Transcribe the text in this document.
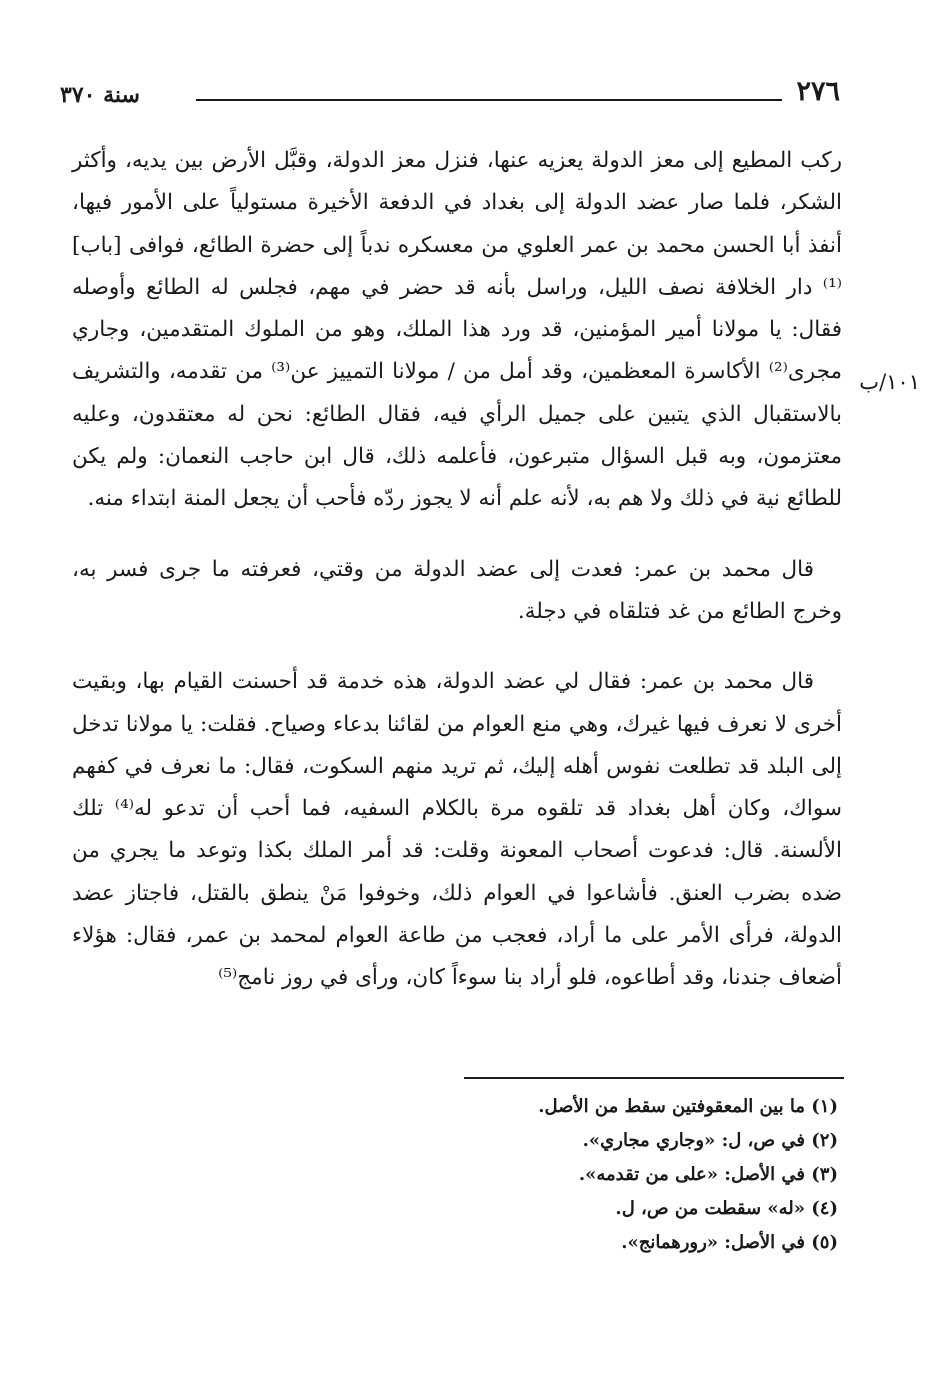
٢٧٦
سنة ٣٧٠
١٠١/ب

ركب المطيع إلى معز الدولة يعزيه عنها، فنزل معز الدولة، وقبَّل الأرض بين يديه، وأكثر الشكر، فلما صار عضد الدولة إلى بغداد في الدفعة الأخيرة مستولياً على الأمور فيها، أنفذ أبا الحسن محمد بن عمر العلوي من معسكره ندباً إلى حضرة الطائع، فوافى [باب]⁽¹⁾ دار الخلافة نصف الليل، وراسل بأنه قد حضر في مهم، فجلس له الطائع وأوصله فقال: يا مولانا أمير المؤمنين، قد ورد هذا الملك، وهو من الملوك المتقدمين، وجاري مجرى⁽²⁾ الأكاسرة المعظمين، وقد أمل من / مولانا التمييز عن⁽³⁾ من تقدمه، والتشريف بالاستقبال الذي يتبين على جميل الرأي فيه، فقال الطائع: نحن له معتقدون، وعليه معتزمون، وبه قبل السؤال متبرعون، فأعلمه ذلك، قال ابن حاجب النعمان: ولم يكن للطائع نية في ذلك ولا هم به، لأنه علم أنه لا يجوز ردّه فأحب أن يجعل المنة ابتداء منه.

قال محمد بن عمر: فعدت إلى عضد الدولة من وقتي، فعرفته ما جرى فسر به، وخرج الطائع من غد فتلقاه في دجلة.

قال محمد بن عمر: فقال لي عضد الدولة، هذه خدمة قد أحسنت القيام بها، وبقيت أخرى لا نعرف فيها غيرك، وهي منع العوام من لقائنا بدعاء وصياح. فقلت: يا مولانا تدخل إلى البلد قد تطلعت نفوس أهله إليك، ثم تريد منهم السكوت، فقال: ما نعرف في كفهم سواك، وكان أهل بغداد قد تلقوه مرة بالكلام السفيه، فما أحب أن تدعو له⁽⁴⁾ تلك الألسنة. قال: فدعوت أصحاب المعونة وقلت: قد أمر الملك بكذا وتوعد ما يجري من ضده بضرب العنق. فأشاعوا في العوام ذلك، وخوفوا مَنْ ينطق بالقتل، فاجتاز عضد الدولة، فرأى الأمر على ما أراد، فعجب من طاعة العوام لمحمد بن عمر، فقال: هؤلاء أضعاف جندنا، وقد أطاعوه، فلو أراد بنا سوءاً كان، ورأى في روز نامج⁽⁵⁾

(١) ما بين المعقوفتين سقط من الأصل.
(٢) في ص، ل: «وجاري مجاري».
(٣) في الأصل: «على من تقدمه».
(٤) «له» سقطت من ص، ل.
(٥) في الأصل: «رورهمانج».
